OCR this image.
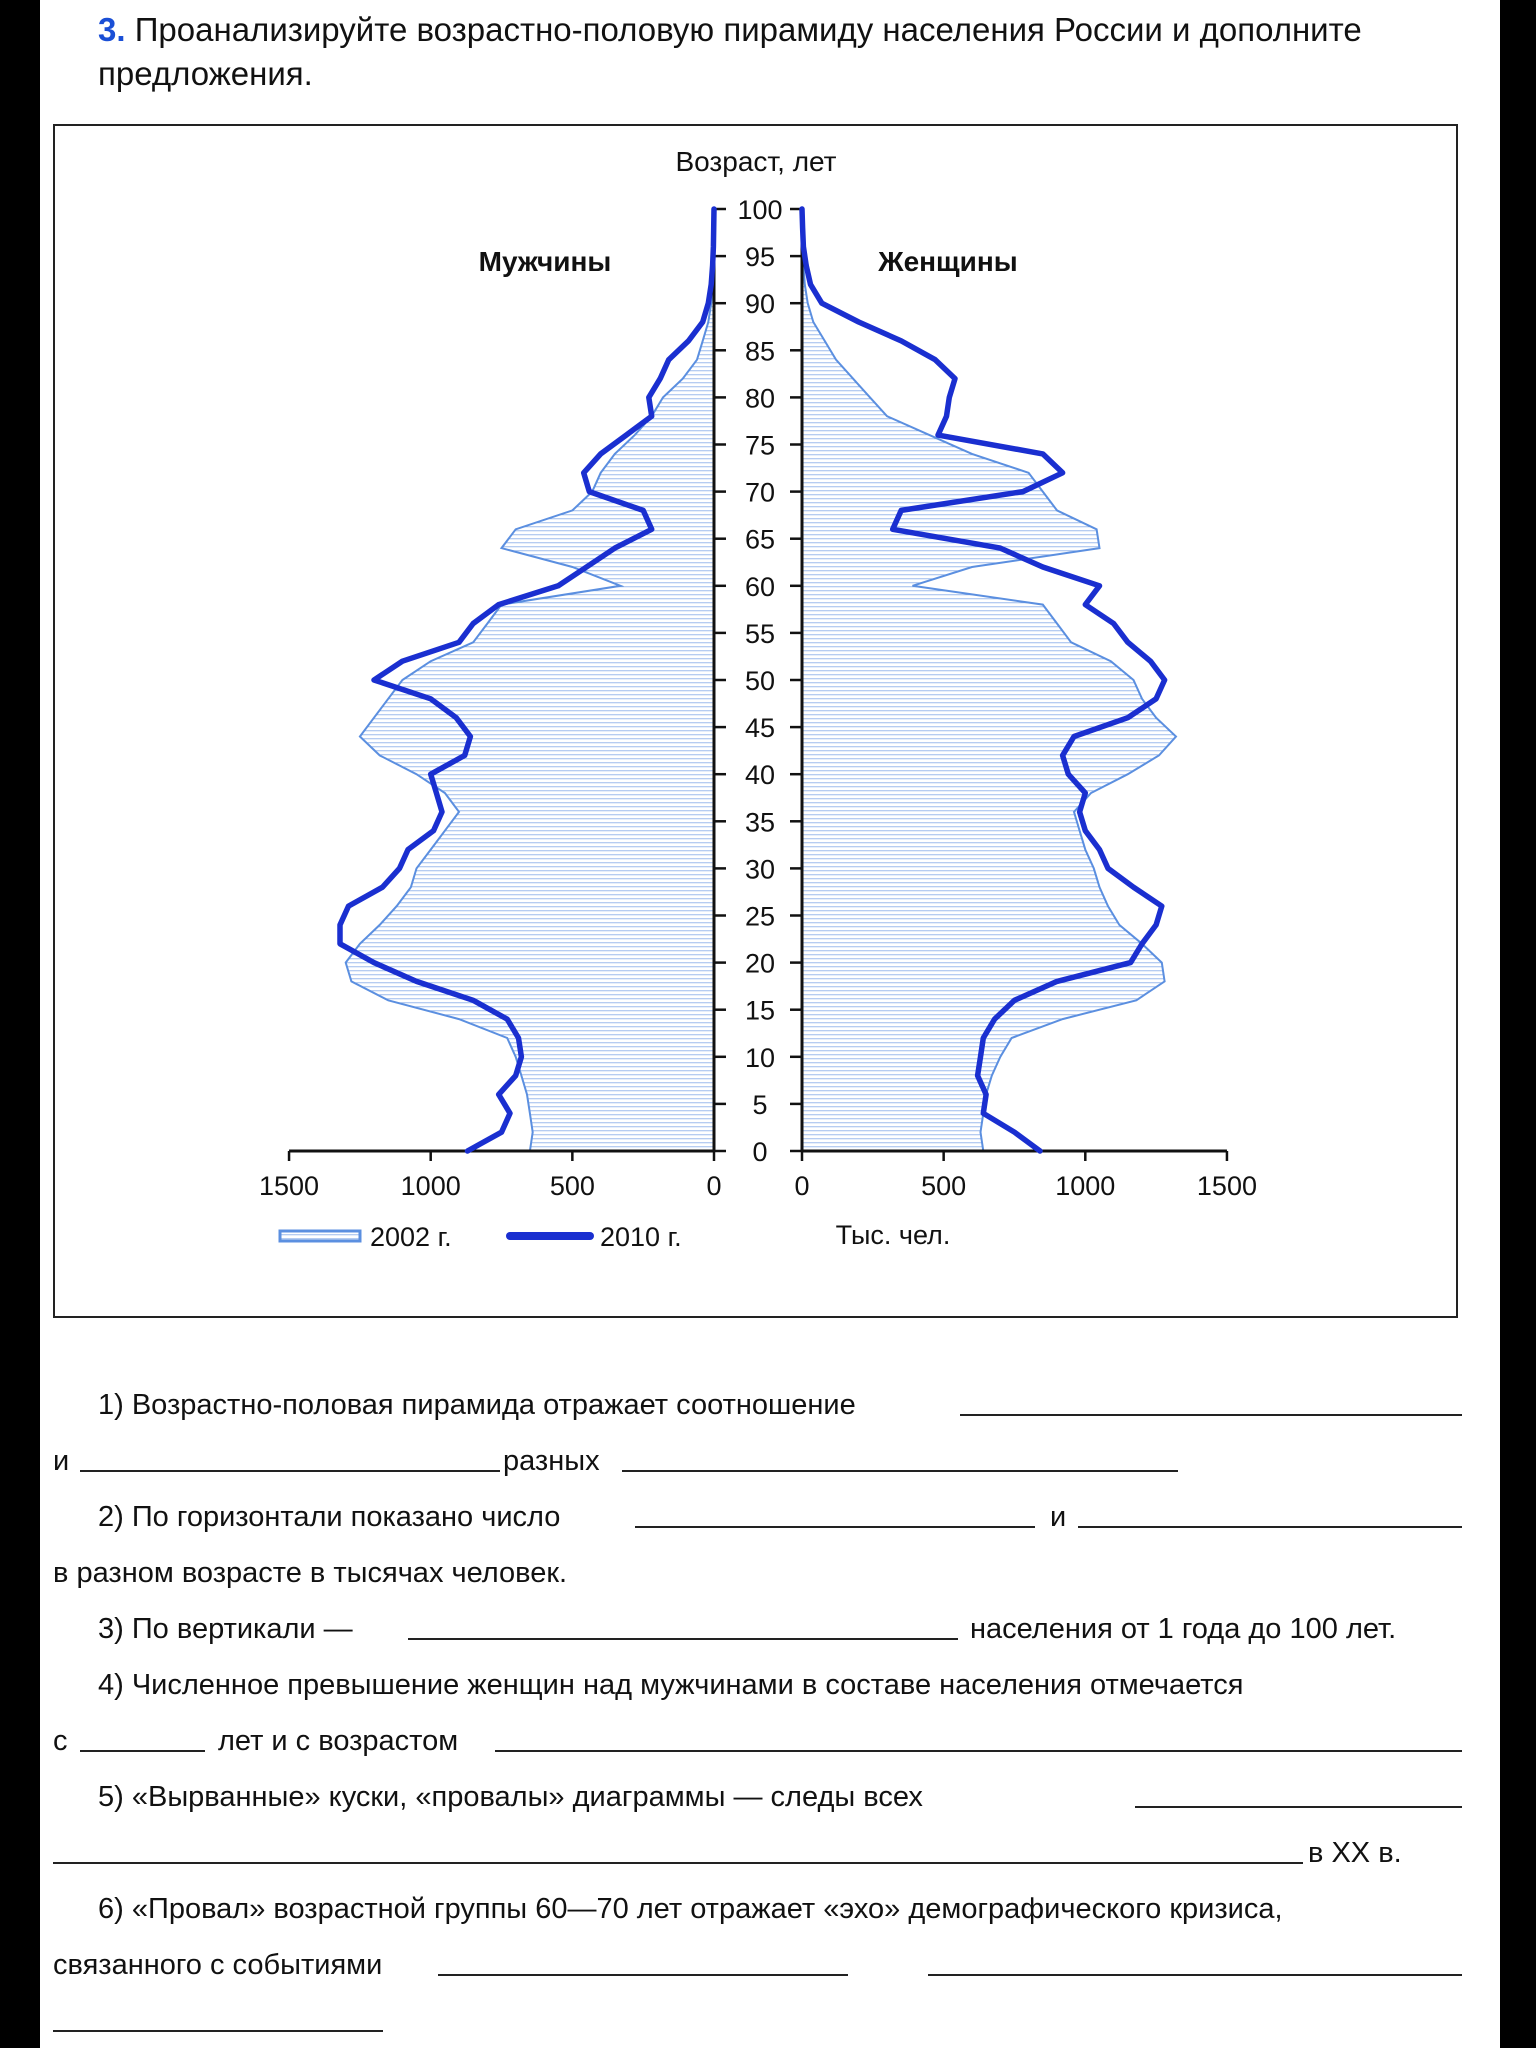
3. Проанализируйте возрастно-половую пирамиду населения России и дополните предложения.
100
95
90
85
80
75
70
65
60
55
50
45
40
35
30
25
20
15
10
5
0
1500	1000	500	0	0	500	1000	1500
Возраст, лет
Мужчины	Женщины
Тыс. чел.
2002 г.	2010 г.
1) Возрастно-половая пирамида отражает соотношение
и	разных
2) По горизонтали показано число	и
в разном возрасте в тысячах человек.
3) По вертикали —	населения от 1 года до 100 лет.
4) Численное превышение женщин над мужчинами в составе населения отмечается
с	лет и с возрастом
5) «Вырванные» куски, «провалы» диаграммы — следы всех
в XX в.
6) «Провал» возрастной группы 60—70 лет отражает «эхо» демографического кризиса,
связанного с событиями
